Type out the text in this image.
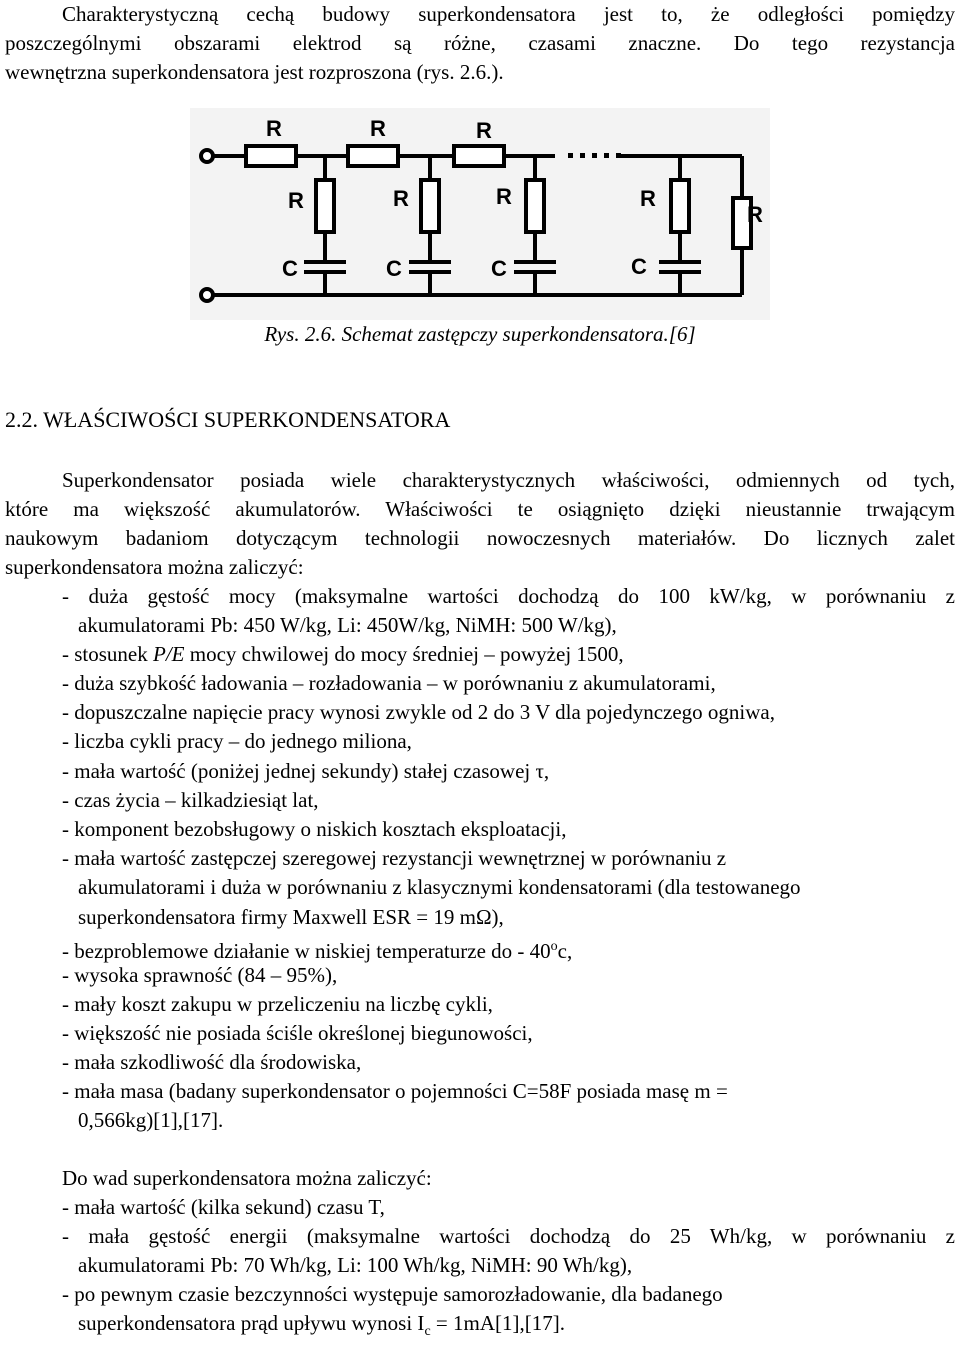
Charakterystyczną cechą budowy superkondensatora jest to, że odległości pomiędzy
poszczególnymi obszarami elektrod są różne, czasami znaczne. Do tego rezystancja
wewnętrzna superkondensatora jest rozproszona (rys. 2.6.).
R	R	R
R	R	R	R
R
C	C	C	C
Rys. 2.6. Schemat zastępczy superkondensatora.[6]
2.2. WŁAŚCIWOŚCI SUPERKONDENSATORA
Superkondensator posiada wiele charakterystycznych właściwości, odmiennych od tych,
które ma większość akumulatorów. Właściwości te osiągnięto dzięki nieustannie trwającym
naukowym badaniom dotyczącym technologii nowoczesnych materiałów. Do licznych zalet
superkondensatora można zaliczyć:
- duża gęstość mocy (maksymalne wartości dochodzą do 100 kW/kg, w porównaniu z
akumulatorami Pb: 450 W/kg, Li: 450W/kg, NiMH: 500 W/kg),
- stosunek P/E mocy chwilowej do mocy średniej – powyżej 1500,
- duża szybkość ładowania – rozładowania – w porównaniu z akumulatorami,
- dopuszczalne napięcie pracy wynosi zwykle od 2 do 3 V dla pojedynczego ogniwa,
- liczba cykli pracy – do jednego miliona,
- mała wartość (poniżej jednej sekundy) stałej czasowej τ,
- czas życia – kilkadziesiąt lat,
- komponent bezobsługowy o niskich kosztach eksploatacji,
- mała wartość zastępczej szeregowej rezystancji wewnętrznej w porównaniu z
akumulatorami i duża w porównaniu z klasycznymi kondensatorami (dla testowanego
superkondensatora firmy Maxwell ESR = 19 mΩ),
- bezproblemowe działanie w niskiej temperaturze do - 40$^o$c,
- wysoka sprawność (84 – 95%),
- mały koszt zakupu w przeliczeniu na liczbę cykli,
- większość nie posiada ściśle określonej biegunowości,
- mała szkodliwość dla środowiska,
- mała masa (badany superkondensator o pojemności C=58F posiada masę m =
0,566kg)[1],[17].
Do wad superkondensatora można zaliczyć:
- mała wartość (kilka sekund) czasu T,
- mała gęstość energii (maksymalne wartości dochodzą do 25 Wh/kg, w porównaniu z
akumulatorami Pb: 70 Wh/kg, Li: 100 Wh/kg, NiMH: 90 Wh/kg),
- po pewnym czasie bezczynności występuje samorozładowanie, dla badanego
superkondensatora prąd upływu wynosi $I_c = 1mA[1],[17]$.
